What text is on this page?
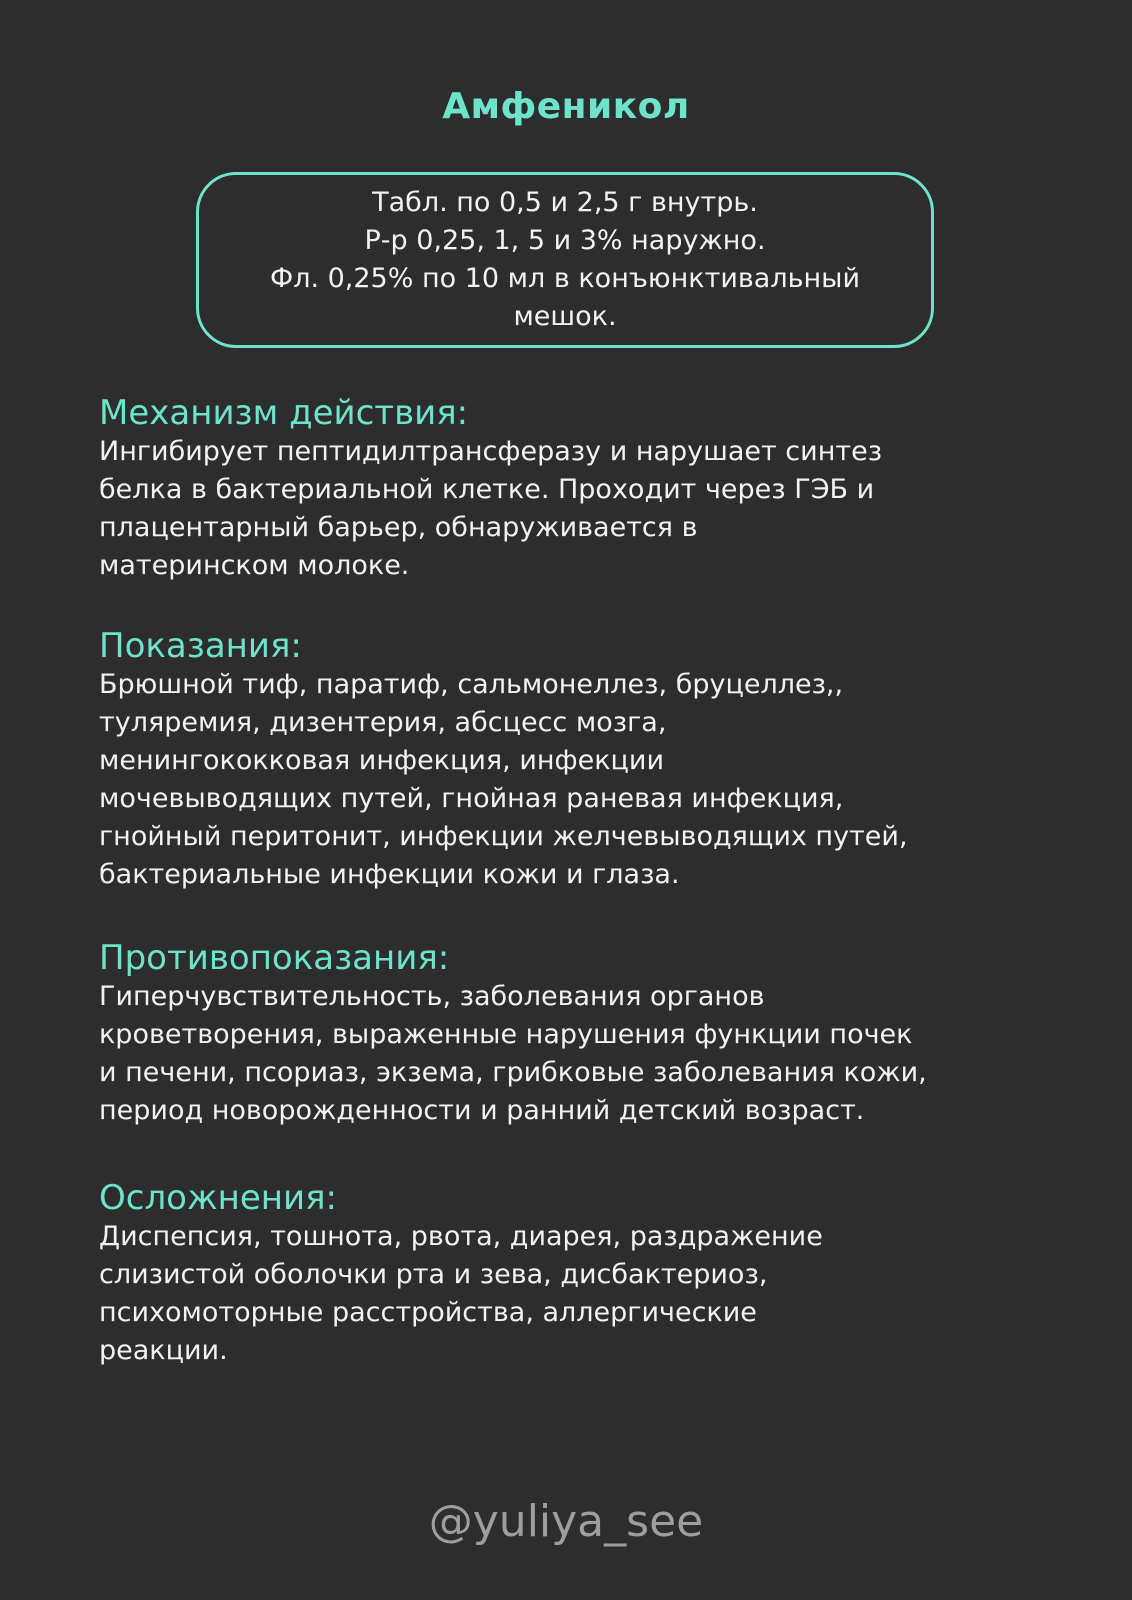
Амфеникол
Табл. по 0,5 и 2,5 г внутрь.
Р-р 0,25, 1, 5 и 3% наружно.
Фл. 0,25% по 10 мл в конъюнктивальный
мешок.
Механизм действия:
Ингибирует пептидилтрансферазу и нарушает синтез
белка в бактериальной клетке. Проходит через ГЭБ и
плацентарный барьер, обнаруживается в
материнском молоке.
Показания:
Брюшной тиф, паратиф, сальмонеллез, бруцеллез,,
туляремия, дизентерия, абсцесс мозга,
менингококковая инфекция, инфекции
мочевыводящих путей, гнойная раневая инфекция,
гнойный перитонит, инфекции желчевыводящих путей,
бактериальные инфекции кожи и глаза.
Противопоказания:
Гиперчувствительность, заболевания органов
кроветворения, выраженные нарушения функции почек
и печени, псориаз, экзема, грибковые заболевания кожи,
период новорожденности и ранний детский возраст.
Осложнения:
Диспепсия, тошнота, рвота, диарея, раздражение
слизистой оболочки рта и зева, дисбактериоз,
психомоторные расстройства, аллергические
реакции.
@yuliya_see
